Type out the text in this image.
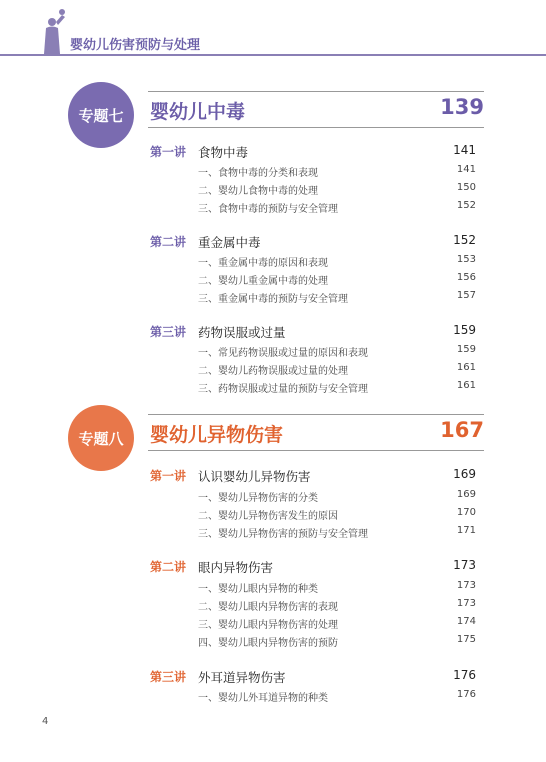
婴幼儿伤害预防与处理
专题七	婴幼儿中毒	139
第一讲 食物中毒	141
一、食物中毒的分类和表现	141
二、婴幼儿食物中毒的处理	150
三、食物中毒的预防与安全管理	152
第二讲 重金属中毒	152
一、重金属中毒的原因和表现	153
二、婴幼儿重金属中毒的处理	156
三、重金属中毒的预防与安全管理	157
第三讲 药物误服或过量	159
一、常见药物误服或过量的原因和表现	159
二、婴幼儿药物误服或过量的处理	161
三、药物误服或过量的预防与安全管理	161
专题八	婴幼儿异物伤害	167
第一讲 认识婴幼儿异物伤害	169
一、婴幼儿异物伤害的分类	169
二、婴幼儿异物伤害发生的原因	170
三、婴幼儿异物伤害的预防与安全管理	171
第二讲 眼内异物伤害	173
一、婴幼儿眼内异物的种类	173
二、婴幼儿眼内异物伤害的表现	173
三、婴幼儿眼内异物伤害的处理	174
四、婴幼儿眼内异物伤害的预防	175
第三讲 外耳道异物伤害	176
一、婴幼儿外耳道异物的种类	176
4
